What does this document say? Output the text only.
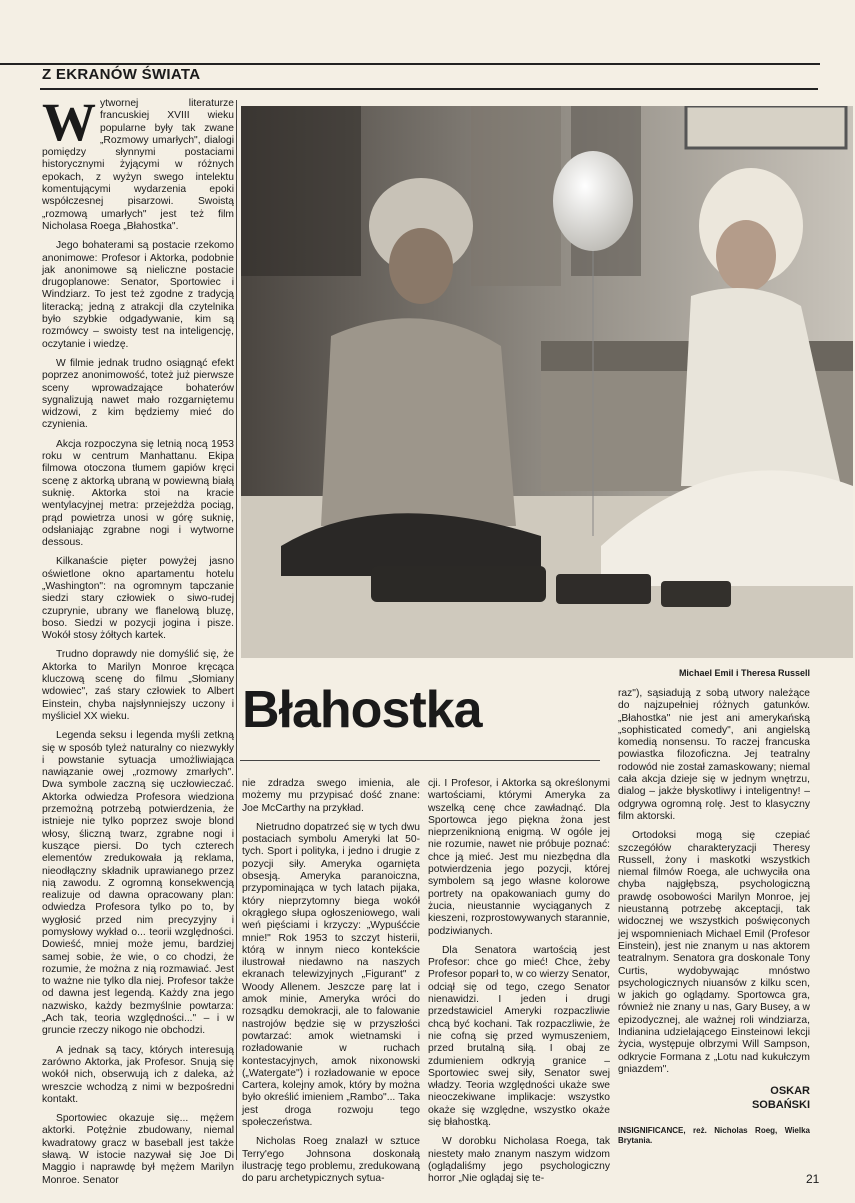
Z EKRANÓW ŚWIATA

Wytwornej literaturze francuskiej XVIII wieku popularne były tak zwane „Rozmowy umarłych", dialogi pomiędzy słynnymi postaciami historycznymi żyjącymi w różnych epokach, z wyżyn swego intelektu komentującymi wydarzenia epoki współczesnej pisarzowi. Swoistą „rozmową umarłych" jest też film Nicholasa Roega „Błahostka".

Jego bohaterami są postacie rzekomo anonimowe: Profesor i Aktorka, podobnie jak anonimowe są nieliczne postacie drugoplanowe: Senator, Sportowiec i Windziarz. To jest też zgodne z tradycją literacką; jedną z atrakcji dla czytelnika było szybkie odgadywanie, kim są rozmówcy – swoisty test na inteligencję, oczytanie i wiedzę.

W filmie jednak trudno osiągnąć efekt poprzez anonimowość, toteż już pierwsze sceny wprowadzające bohaterów sygnalizują nawet mało rozgarniętemu widzowi, z kim będziemy mieć do czynienia.

Akcja rozpoczyna się letnią nocą 1953 roku w centrum Manhattanu. Ekipa filmowa otoczona tłumem gapiów kręci scenę z aktorką ubraną w powiewną białą suknię. Aktorka stoi na kracie wentylacyjnej metra: przejeżdża pociąg, prąd powietrza unosi w górę suknię, odsłaniając zgrabne nogi i wytworne dessous.

Kilkanaście pięter powyżej jasno oświetlone okno apartamentu hotelu „Washington": na ogromnym tapczanie siedzi stary człowiek o siwo-rudej czuprynie, ubrany we flanelową bluzę, boso. Siedzi w pozycji jogina i pisze. Wokół stosy żółtych kartek.

Trudno doprawdy nie domyślić się, że Aktorka to Marilyn Monroe kręcąca kluczową scenę do filmu „Słomiany wdowiec", zaś stary człowiek to Albert Einstein, chyba najsłynniejszy uczony i myśliciel XX wieku.

Legenda seksu i legenda myśli zetkną się w sposób tyleż naturalny co niezwykły i powstanie sytuacja umożliwiająca nawiązanie owej „rozmowy zmarłych". Dwa symbole zaczną się uczłowieczać. Aktorka odwiedza Profesora wiedziona przemożną potrzebą potwierdzenia, że istnieje nie tylko poprzez swoje blond włosy, śliczną twarz, zgrabne nogi i kuszące piersi. Do tych czterech elementów zredukowała ją reklama, nieodłączny składnik uprawianego przez nią zawodu. Z ogromną konsekwencją realizuje od dawna opracowany plan: odwiedza Profesora tylko po to, by wygłosić przed nim precyzyjny i pomysłowy wykład o... teorii względności. Dowieść, mniej może jemu, bardziej samej sobie, że wie, o co chodzi, że rozumie, że można z nią rozmawiać. Jest to ważne nie tylko dla niej. Profesor także od dawna jest legendą. Każdy zna jego nazwisko, każdy bezmyślnie powtarza: „Ach tak, teoria względności..." – i w gruncie rzeczy nikogo nie obchodzi.

A jednak są tacy, których interesują zarówno Aktorka, jak Profesor. Snują się wokół nich, obserwują ich z daleka, aż wreszcie wchodzą z nimi w bezpośredni kontakt.

Sportowiec okazuje się... mężem aktorki. Potężnie zbudowany, niemal kwadratowy gracz w baseball jest także sławą. W istocie nazywał się Joe Di Maggio i naprawdę był mężem Marilyn Monroe. Senator

Michael Emil i Theresa Russell
Błahostka

nie zdradza swego imienia, ale możemy mu przypisać dość znane: Joe McCarthy na przykład.

Nietrudno dopatrzeć się w tych dwu postaciach symbolu Ameryki lat 50-tych. Sport i polityka, i jedno i drugie z pozycji siły. Ameryka ogarnięta obsesją. Ameryka paranoiczna, przypominająca w tych latach pijaka, który nieprzytomny biega wokół okrągłego słupa ogłoszeniowego, wali weń pięściami i krzyczy: „Wypuśćcie mnie!" Rok 1953 to szczyt histerii, którą w innym nieco kontekście ilustrował niedawno na naszych ekranach telewizyjnych „Figurant" z Woody Allenem. Jeszcze parę lat i amok minie, Ameryka wróci do rozsądku demokracji, ale to falowanie nastrojów będzie się w przyszłości powtarzać: amok wietnamski i rozładowanie w ruchach kontestacyjnych, amok nixonowski („Watergate") i rozładowanie w epoce Cartera, kolejny amok, który by można było określić imieniem „Rambo"... Taka jest droga rozwoju tego społeczeństwa.

Nicholas Roeg znalazł w sztuce Terry'ego Johnsona doskonałą ilustrację tego problemu, zredukowaną do paru archetypicznych sytua-

cji. I Profesor, i Aktorka są określonymi wartościami, którymi Ameryka za wszelką cenę chce zawładnąć. Dla Sportowca jego piękna żona jest nieprzeniknioną enigmą. W ogóle jej nie rozumie, nawet nie próbuje poznać: chce ją mieć. Jest mu niezbędna dla potwierdzenia jego pozycji, której symbolem są jego własne kolorowe portrety na opakowaniach gumy do żucia, nieustannie wyciąganych z kieszeni, rozprostowywanych starannie, podziwianych.

Dla Senatora wartością jest Profesor: chce go mieć! Chce, żeby Profesor poparł to, w co wierzy Senator, odciął się od tego, czego Senator nienawidzi. I jeden i drugi przedstawiciel Ameryki rozpaczliwie chcą być kochani. Tak rozpaczliwie, że nie cofną się przed wymuszeniem, przed brutalną siłą. I obaj ze zdumieniem odkryją granice – Sportowiec swej siły, Senator swej władzy. Teoria względności ukaże swe nieoczekiwane implikacje: wszystko okaże się względne, wszystko okaże się błahostką.

W dorobku Nicholasa Roega, tak niestety mało znanym naszym widzom (oglądaliśmy jego psychologiczny horror „Nie oglądaj się te-

raz"), sąsiadują z sobą utwory należące do najzupełniej różnych gatunków. „Błahostka" nie jest ani amerykańską „sophisticated comedy", ani angielską komedią nonsensu. To raczej francuska powiastka filozoficzna. Jej teatralny rodowód nie został zamaskowany; niemal cała akcja dzieje się w jednym wnętrzu, dialog – jakże błyskotliwy i inteligentny! – odgrywa ogromną rolę. Jest to klasyczny film aktorski.

Ortodoksi mogą się czepiać szczegółów charakteryzacji Theresy Russell, żony i maskotki wszystkich niemal filmów Roega, ale uchwyciła ona chyba najgłębszą, psychologiczną prawdę osobowości Marilyn Monroe, jej nieustanną potrzebę akceptacji, tak widocznej we wszystkich poświęconych jej wspomnieniach Michael Emil (Profesor Einstein), jest nie znanym u nas aktorem teatralnym. Senatora gra doskonale Tony Curtis, wydobywając mnóstwo psychologicznych niuansów z kilku scen, w jakich go oglądamy. Sportowca gra, również nie znany u nas, Gary Busey, a w epizodycznej, ale ważnej roli windziarza, Indianina udzielającego Einsteinowi lekcji życia, występuje olbrzymi Will Sampson, odkrycie Formana z „Lotu nad kukułczym gniazdem".

OSKAR
SOBAŃSKI
INSIGNIFICANCE, reż. Nicholas Roeg, Wielka Brytania.
21
